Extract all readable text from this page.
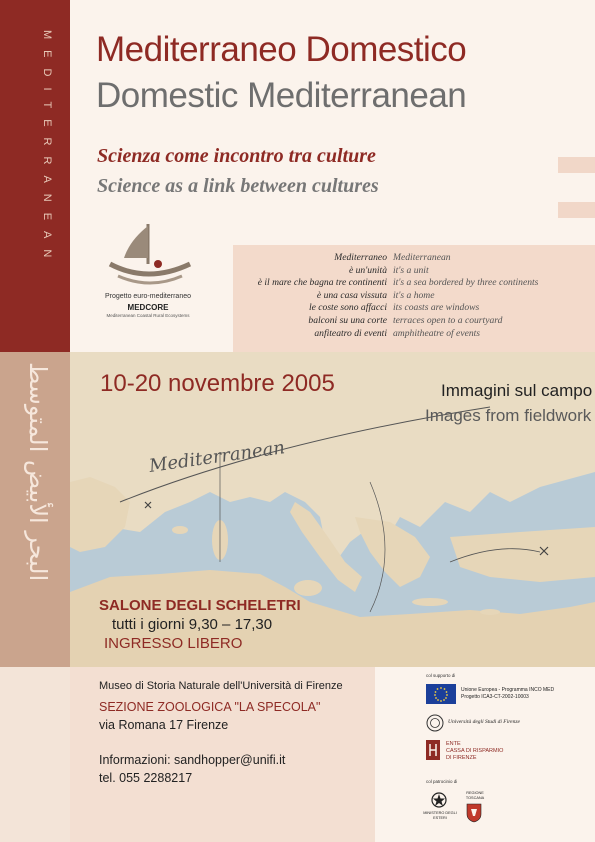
MEDITERRANEAN
البحر الأبيض المتوسط
Mediterraneo Domestico
Domestic Mediterranean
Scienza come incontro tra culture
Science as a link between cultures
Progetto euro-mediterraneo
MEDCORE
Mediterranean Coastal Rural Ecosystems
Mediterraneo Mediterranean
è un'unità it's a unit
è il mare che bagna tre continenti it's a sea bordered by three continents
è una casa vissuta it's a home
le coste sono affacci its coasts are windows
balconi su una corte terraces open to a courtyard
anfiteatro di eventi amphitheatre of events
Mediterranean
10-20 novembre 2005	Immagini sul campo
Images from fieldwork
SALONE DEGLI SCHELETRI
tutti i giorni 9,30 – 17,30
INGRESSO LIBERO
Museo di Storia Naturale dell'Università di Firenze
SEZIONE ZOOLOGICA "LA SPECOLA"
via Romana 17 Firenze
Informazioni: sandhopper@unifi.it
tel. 055 2288217
col supporto di
Unione Europea - Programma INCO MED
Progetto ICA3-CT-2002-10003
Università degli Studi di Firenze
ENTE
CASSA DI RISPARMIO
DI FIRENZE
col patrocinio di
MINISTERO DEGLI ESTERI
REGIONE TOSCANA
